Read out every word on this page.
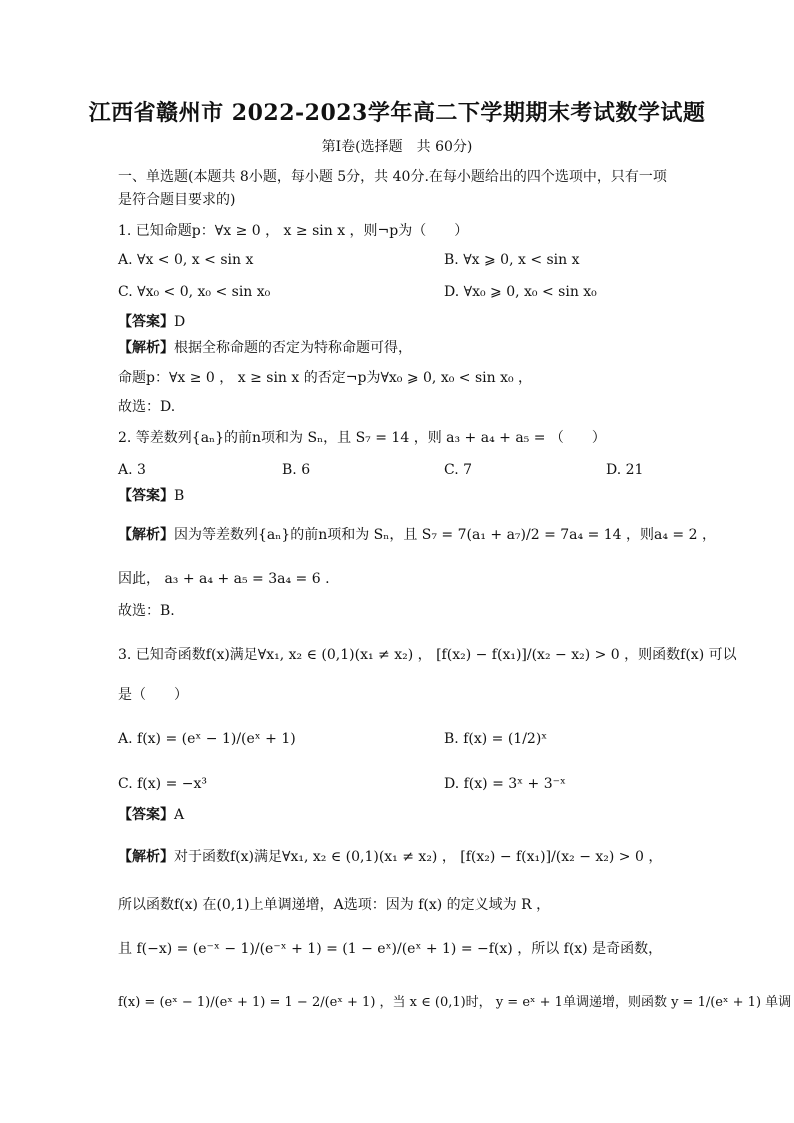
江西省赣州市 2022-2023学年高二下学期期末考试数学试题
第Ⅰ卷(选择题　共 60分)
一、单选题(本题共 8小题，每小题 5分，共 40分.在每小题给出的四个选项中，只有一项
是符合题目要求的)
1. 已知命题p：∀x ≥ 0 ， x ≥ sin x ，则¬p为（　　）
A. ∀x < 0, x < sin x	B. ∀x ⩾ 0, x < sin x
C. ∀x₀ < 0, x₀ < sin x₀	D. ∀x₀ ⩾ 0, x₀ < sin x₀
【答案】D
【解析】根据全称命题的否定为特称命题可得，
命题p：∀x ≥ 0 ， x ≥ sin x 的否定¬p为∀x₀ ⩾ 0, x₀ < sin x₀ ，
故选：D.
2. 等差数列{aₙ}的前n项和为 Sₙ，且 S₇ = 14 ，则 a₃ + a₄ + a₅ = （　　）
A. 3	B. 6	C. 7	D. 21
【答案】B
【解析】因为等差数列{aₙ}的前n项和为 Sₙ，且 S₇ = 7(a₁ + a₇)/2 = 7a₄ = 14 ，则a₄ = 2 ，
因此， a₃ + a₄ + a₅ = 3a₄ = 6 .
故选：B.
3. 已知奇函数f(x)满足∀x₁, x₂ ∈ (0,1)(x₁ ≠ x₂) ， [f(x₂) − f(x₁)]/(x₂ − x₂) > 0 ，则函数f(x) 可以
是（　　）
A. f(x) = (eˣ − 1)/(eˣ + 1)	B. f(x) = (1/2)ˣ
C. f(x) = −x³	D. f(x) = 3ˣ + 3⁻ˣ
【答案】A
【解析】对于函数f(x)满足∀x₁, x₂ ∈ (0,1)(x₁ ≠ x₂) ， [f(x₂) − f(x₁)]/(x₂ − x₂) > 0 ，
所以函数f(x) 在(0,1)上单调递增，A选项：因为 f(x) 的定义域为 R ，
且 f(−x) = (e⁻ˣ − 1)/(e⁻ˣ + 1) = (1 − eˣ)/(eˣ + 1) = −f(x) ，所以 f(x) 是奇函数，
f(x) = (eˣ − 1)/(eˣ + 1) = 1 − 2/(eˣ + 1) ，当 x ∈ (0,1)时， y = eˣ + 1单调递增，则函数 y = 1/(eˣ + 1) 单调
